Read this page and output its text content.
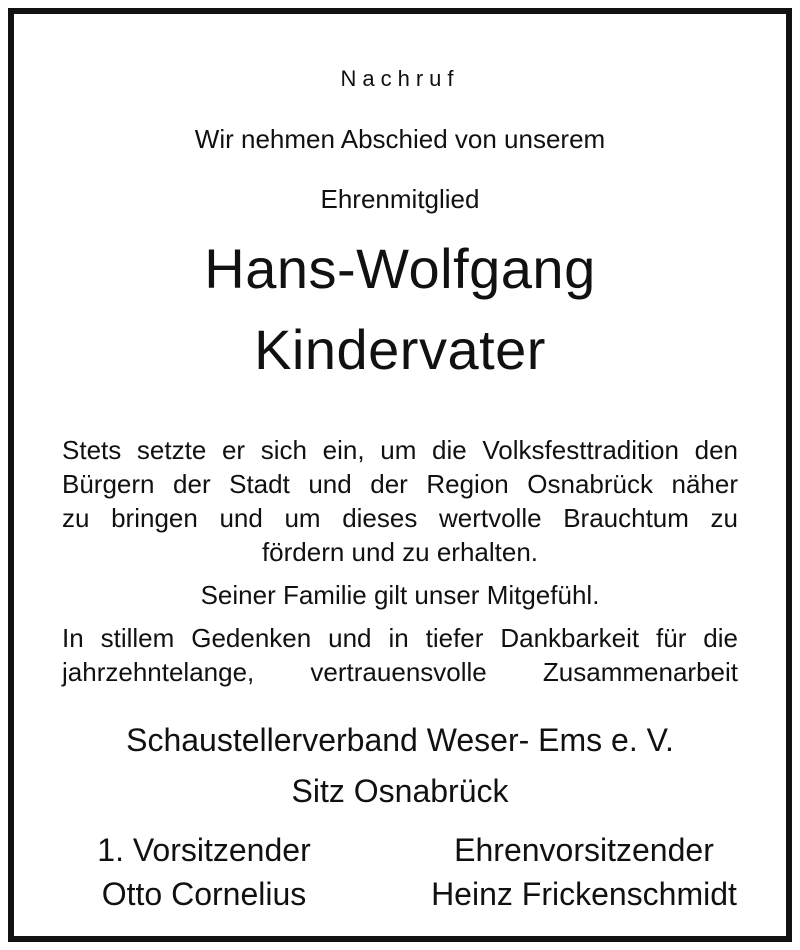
Nachruf
Wir nehmen Abschied von unserem
Ehrenmitglied
Hans-Wolfgang
Kindervater
Stets setzte er sich ein, um die Volksfesttradition den
Bürgern der Stadt und der Region Osnabrück näher
zu bringen und um dieses wertvolle Brauchtum zu
fördern und zu erhalten.
Seiner Familie gilt unser Mitgefühl.
In stillem Gedenken und in tiefer Dankbarkeit für die
jahrzehntelange, vertrauensvolle Zusammenarbeit
Schaustellerverband Weser- Ems e. V.
Sitz Osnabrück
1. Vorsitzender
Otto Cornelius
Ehrenvorsitzender
Heinz Frickenschmidt
